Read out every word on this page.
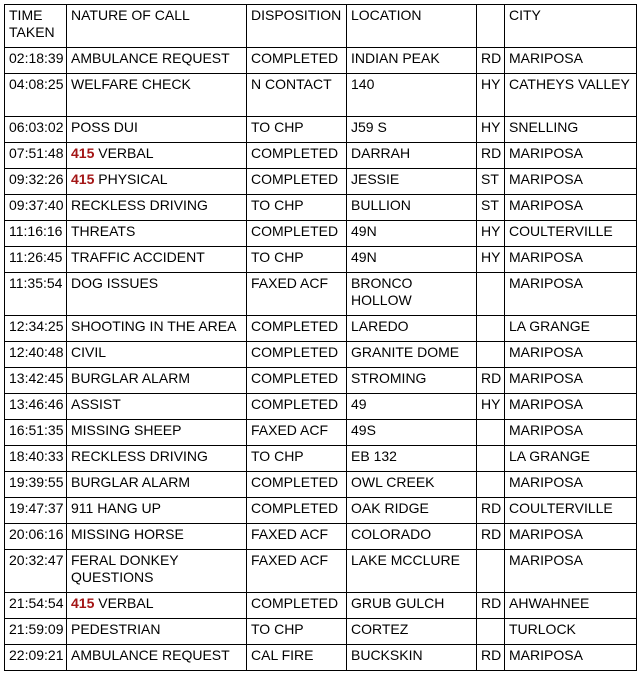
TIME
TAKEN	NATURE OF CALL	DISPOSITION	LOCATION		CITY
02:18:39	AMBULANCE REQUEST	COMPLETED	INDIAN PEAK	RD	MARIPOSA
04:08:25	WELFARE CHECK	N CONTACT	140	HY	CATHEYS VALLEY
06:03:02	POSS DUI	TO CHP	J59 S	HY	SNELLING
07:51:48	415 VERBAL	COMPLETED	DARRAH	RD	MARIPOSA
09:32:26	415 PHYSICAL	COMPLETED	JESSIE	ST	MARIPOSA
09:37:40	RECKLESS DRIVING	TO CHP	BULLION	ST	MARIPOSA
11:16:16	THREATS	COMPLETED	49N	HY	COULTERVILLE
11:26:45	TRAFFIC ACCIDENT	TO CHP	49N	HY	MARIPOSA
11:35:54	DOG ISSUES	FAXED ACF	BRONCO HOLLOW		MARIPOSA
12:34:25	SHOOTING IN THE AREA	COMPLETED	LAREDO		LA GRANGE
12:40:48	CIVIL	COMPLETED	GRANITE DOME		MARIPOSA
13:42:45	BURGLAR ALARM	COMPLETED	STROMING	RD	MARIPOSA
13:46:46	ASSIST	COMPLETED	49	HY	MARIPOSA
16:51:35	MISSING SHEEP	FAXED ACF	49S		MARIPOSA
18:40:33	RECKLESS DRIVING	TO CHP	EB 132		LA GRANGE
19:39:55	BURGLAR ALARM	COMPLETED	OWL CREEK		MARIPOSA
19:47:37	911 HANG UP	COMPLETED	OAK RIDGE	RD	COULTERVILLE
20:06:16	MISSING HORSE	FAXED ACF	COLORADO	RD	MARIPOSA
20:32:47	FERAL DONKEY QUESTIONS	FAXED ACF	LAKE MCCLURE		MARIPOSA
21:54:54	415 VERBAL	COMPLETED	GRUB GULCH	RD	AHWAHNEE
21:59:09	PEDESTRIAN	TO CHP	CORTEZ		TURLOCK
22:09:21	AMBULANCE REQUEST	CAL FIRE	BUCKSKIN	RD	MARIPOSA
